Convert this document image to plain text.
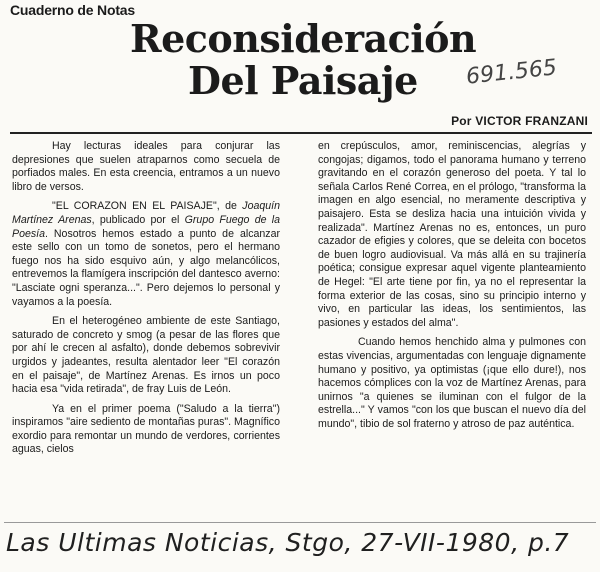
Cuaderno de Notas
Reconsideración
Del Paisaje	691.565
Por VICTOR FRANZANI

Hay lecturas ideales para conjurar las depresiones que suelen atraparnos como secuela de porfiados males. En esta creencia, entramos a un nuevo libro de versos.

"EL CORAZON EN EL PAISAJE", de Joaquín Martínez Arenas, publicado por el Grupo Fuego de la Poesía. Nosotros hemos estado a punto de alcanzar este sello con un tomo de sonetos, pero el hermano fuego nos ha sido esquivo aún, y algo melancólicos, entrevemos la flamígera inscripción del dantesco averno: "Lasciate ogni speranza...". Pero dejemos lo personal y vayamos a la poesía.

En el heterogéneo ambiente de este Santiago, saturado de concreto y smog (a pesar de las flores que por ahí le crecen al asfalto), donde debemos sobrevivir urgidos y jadeantes, resulta alentador leer "El corazón en el paisaje", de Martínez Arenas. Es irnos un poco hacia esa "vida retirada", de fray Luis de León.

Ya en el primer poema ("Saludo a la tierra") inspiramos "aire sediento de montañas puras". Magnífico exordio para remontar un mundo de verdores, corrientes aguas, cielos

en crepúsculos, amor, reminiscencias, alegrías y congojas; digamos, todo el panorama humano y terreno gravitando en el corazón generoso del poeta. Y tal lo señala Carlos René Correa, en el prólogo, "transforma la imagen en algo esencial, no meramente descriptiva y paisajero. Esta se desliza hacia una intuición vivida y realizada". Martínez Arenas no es, entonces, un puro cazador de efigies y colores, que se deleita con bocetos de buen logro audiovisual. Va más allá en su trajinería poética; consigue expresar aquel vigente planteamiento de Hegel: "El arte tiene por fin, ya no el representar la forma exterior de las cosas, sino su principio interno y vivo, en particular las ideas, los sentimientos, las pasiones y estados del alma".

Cuando hemos henchido alma y pulmones con estas vivencias, argumentadas con lenguaje dignamente humano y positivo, ya optimistas (¡que ello dure!), nos hacemos cómplices con la voz de Martínez Arenas, para unirnos "a quienes se iluminan con el fulgor de la estrella..." Y vamos "con los que buscan el nuevo día del mundo", tibio de sol fraterno y atroso de paz auténtica.

Las Ultimas Noticias, Stgo, 27-VII-1980, p.7
